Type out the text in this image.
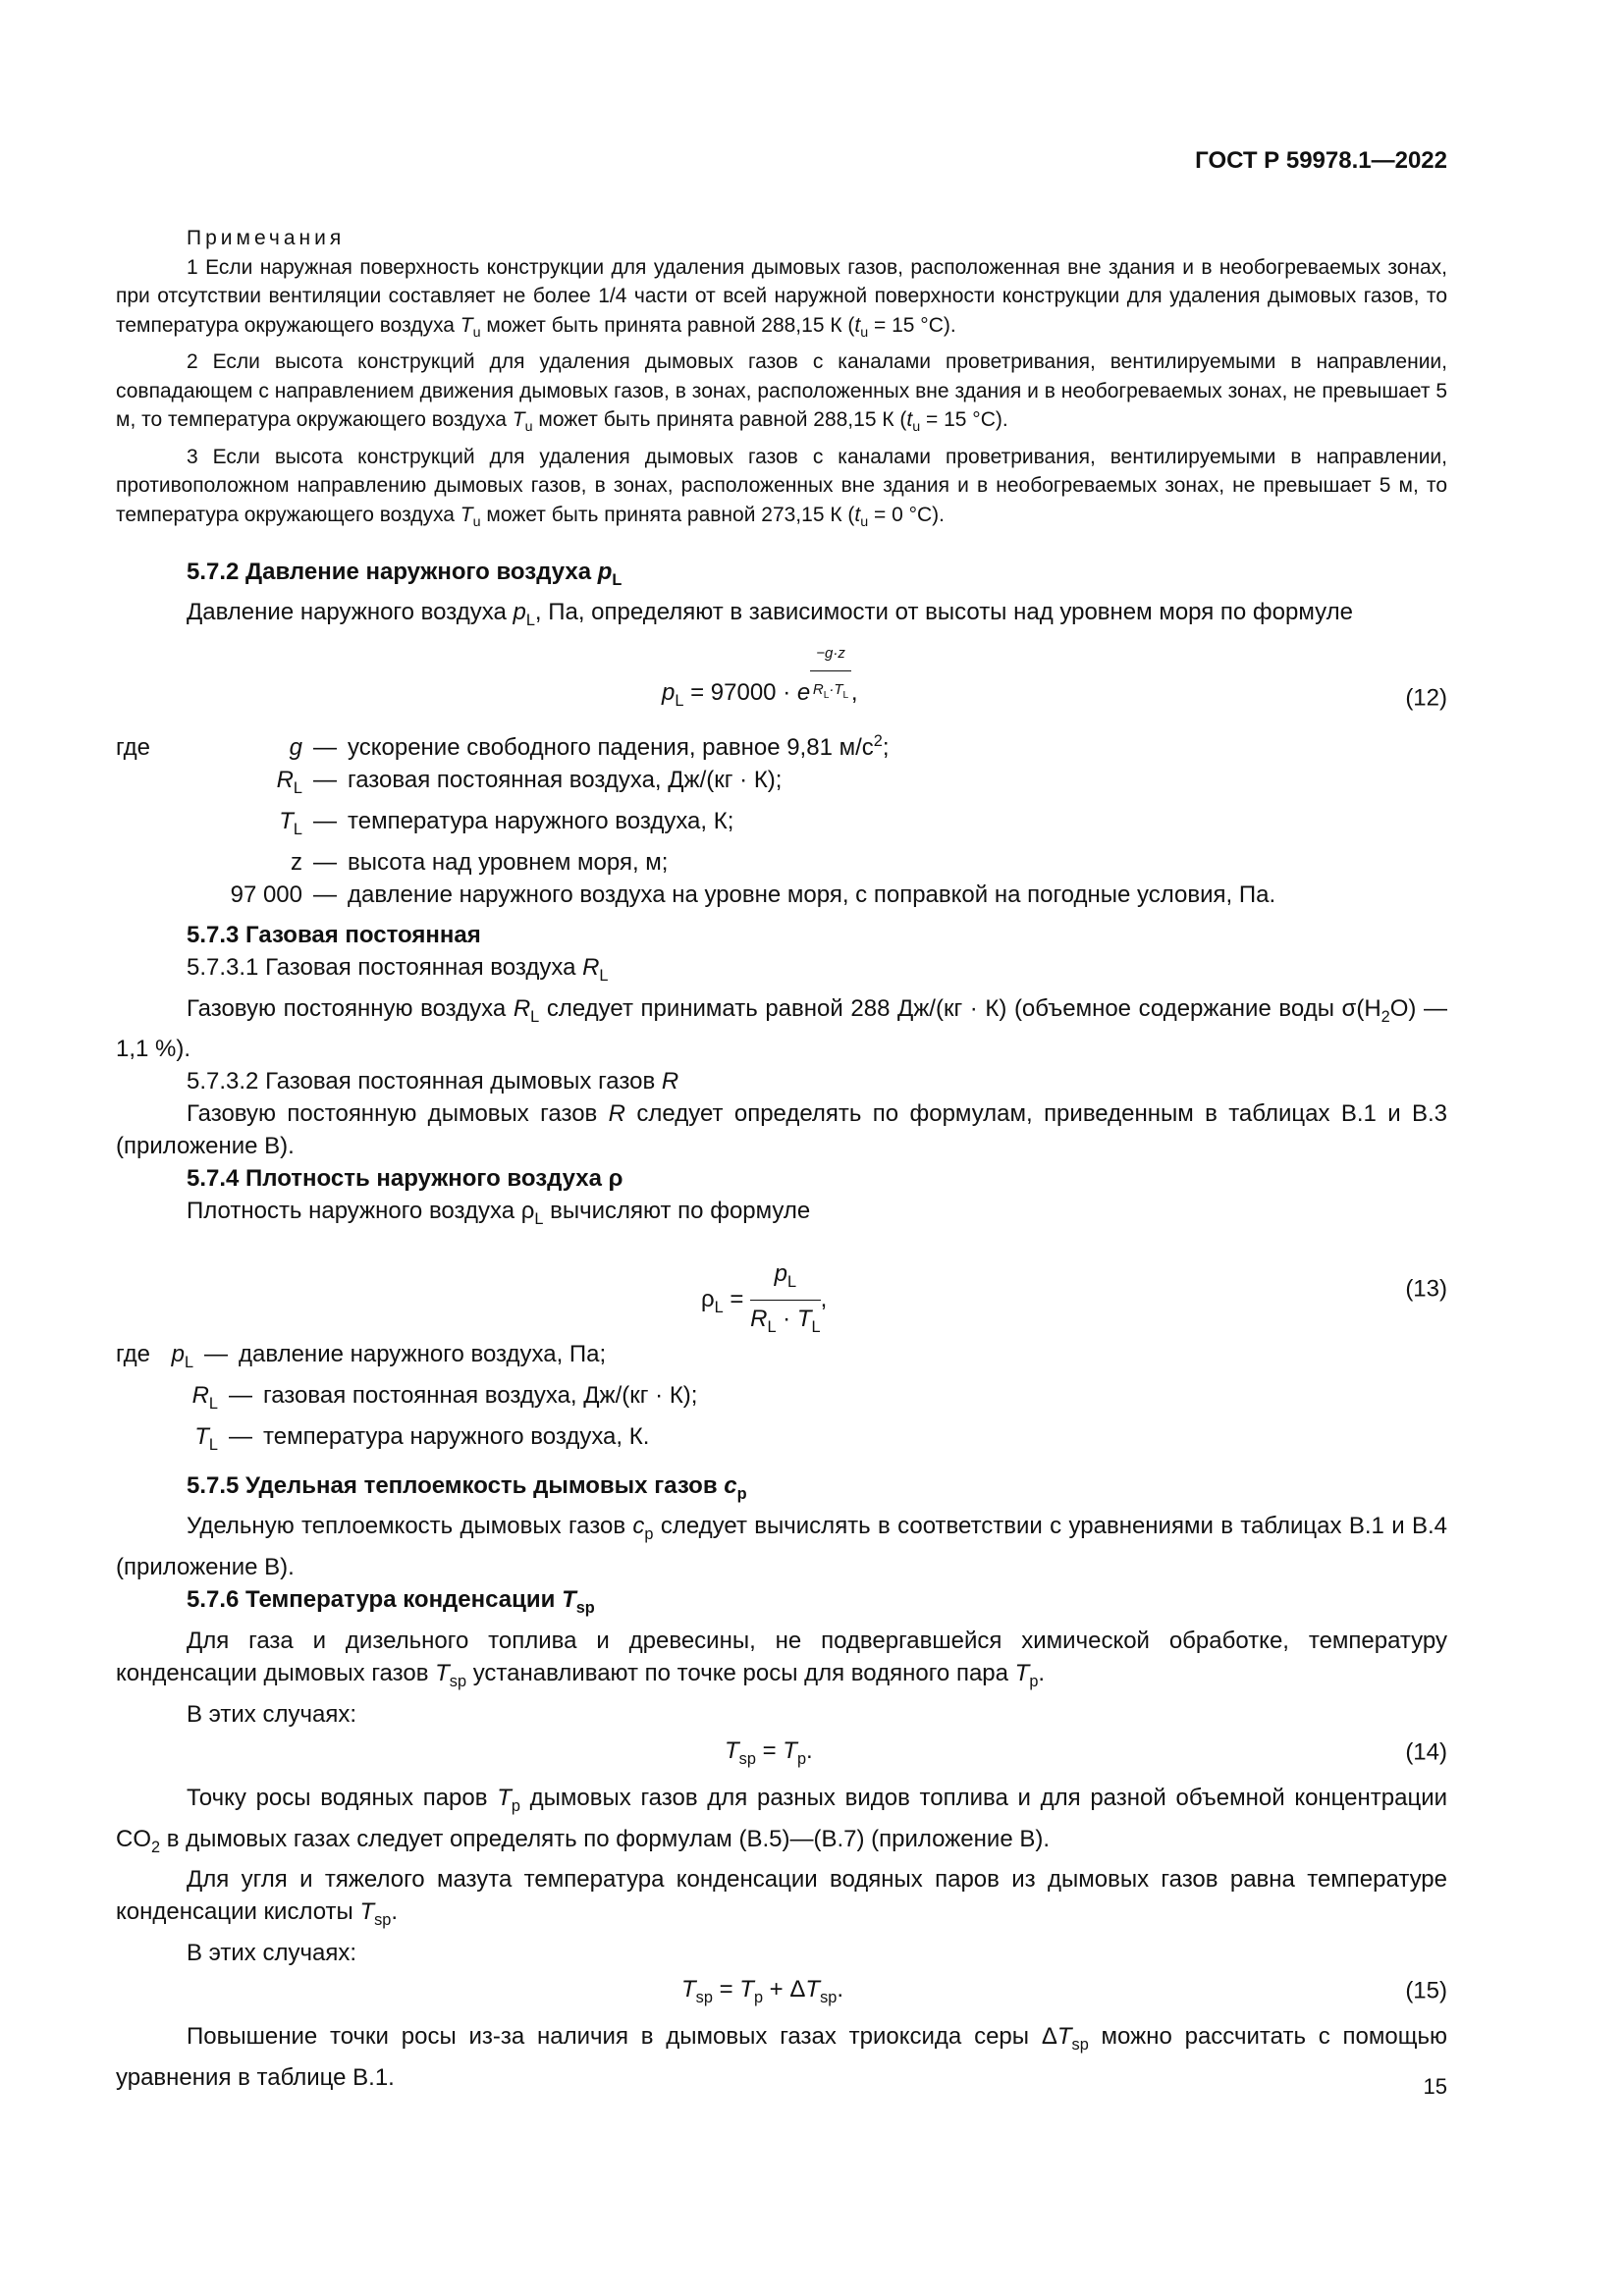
ГОСТ Р 59978.1—2022

Примечания

1 Если наружная поверхность конструкции для удаления дымовых газов, расположенная вне здания и в необогреваемых зонах, при отсутствии вентиляции составляет не более 1/4 части от всей наружной поверхности конструкции для удаления дымовых газов, то температура окружающего воздуха $T_u$ может быть принята равной 288,15 К ($t_u = 15$ °С).

2 Если высота конструкций для удаления дымовых газов с каналами проветривания, вентилируемыми в направлении, совпадающем с направлением движения дымовых газов, в зонах, расположенных вне здания и в необогреваемых зонах, не превышает 5 м, то температура окружающего воздуха $T_u$ может быть принята равной 288,15 К ($t_u = 15$ °С).

3 Если высота конструкций для удаления дымовых газов с каналами проветривания, вентилируемыми в направлении, противоположном направлению дымовых газов, в зонах, расположенных вне здания и в необогреваемых зонах, не превышает 5 м, то температура окружающего воздуха $T_u$ может быть принята равной 273,15 К ($t_u = 0$ °С).

5.7.2 Давление наружного воздуха $p_L$

Давление наружного воздуха $p_L$, Па, определяют в зависимости от высоты над уровнем моря по формуле

$p_L = 97000 \cdot e \frac{-g\cdot z}{R_L\cdot T_L}$ ,	(12)
где	g — ускорение свободного падения, равное 9,81 $м/с^2$;
$R_L$ — газовая постоянная воздуха, Дж/(кг · К);
$T_L$ — температура наружного воздуха, К;
z — высота над уровнем моря, м;
97 000 — давление наружного воздуха на уровне моря, с поправкой на погодные условия, Па.

5.7.3 Газовая постоянная

5.7.3.1 Газовая постоянная воздуха $R_L$

Газовую постоянную воздуха $R_L$ следует принимать равной 288 Дж/(кг · К) (объемное содержание воды $\sigma(H_2O)$ — 1,1 %).

5.7.3.2 Газовая постоянная дымовых газов R

Газовую постоянную дымовых газов R следует определять по формулам, приведенным в таблицах В.1 и В.3 (приложение В).

5.7.4 Плотность наружного воздуха ρ

Плотность наружного воздуха $\rho_L$ вычисляют по формуле

$\rho_L = \frac{p_L}{R_L \cdot T_L}$ ,	(13)
где $p_L$ — давление наружного воздуха, Па;
$R_L$ — газовая постоянная воздуха, Дж/(кг · К);
$T_L$ — температура наружного воздуха, К.

5.7.5 Удельная теплоемкость дымовых газов $c_p$

Удельную теплоемкость дымовых газов $c_p$ следует вычислять в соответствии с уравнениями в таблицах В.1 и В.4 (приложение В).

5.7.6 Температура конденсации $T_{sp}$

Для газа и дизельного топлива и древесины, не подвергавшейся химической обработке, температуру конденсации дымовых газов $T_{sp}$ устанавливают по точке росы для водяного пара $T_p$.

В этих случаях:

$T_{sp} = T_p$.	(14)

Точку росы водяных паров $T_p$ дымовых газов для разных видов топлива и для разной объемной концентрации $CO_2$ в дымовых газах следует определять по формулам (В.5)—(В.7) (приложение В).

Для угля и тяжелого мазута температура конденсации водяных паров из дымовых газов равна температуре конденсации кислоты $T_{sp}$.

В этих случаях:

$T_{sp} = T_p + \Delta T_{sp}$.	(15)

Повышение точки росы из-за наличия в дымовых газах триоксида серы $\Delta T_{sp}$ можно рассчитать с помощью уравнения в таблице В.1.	15
